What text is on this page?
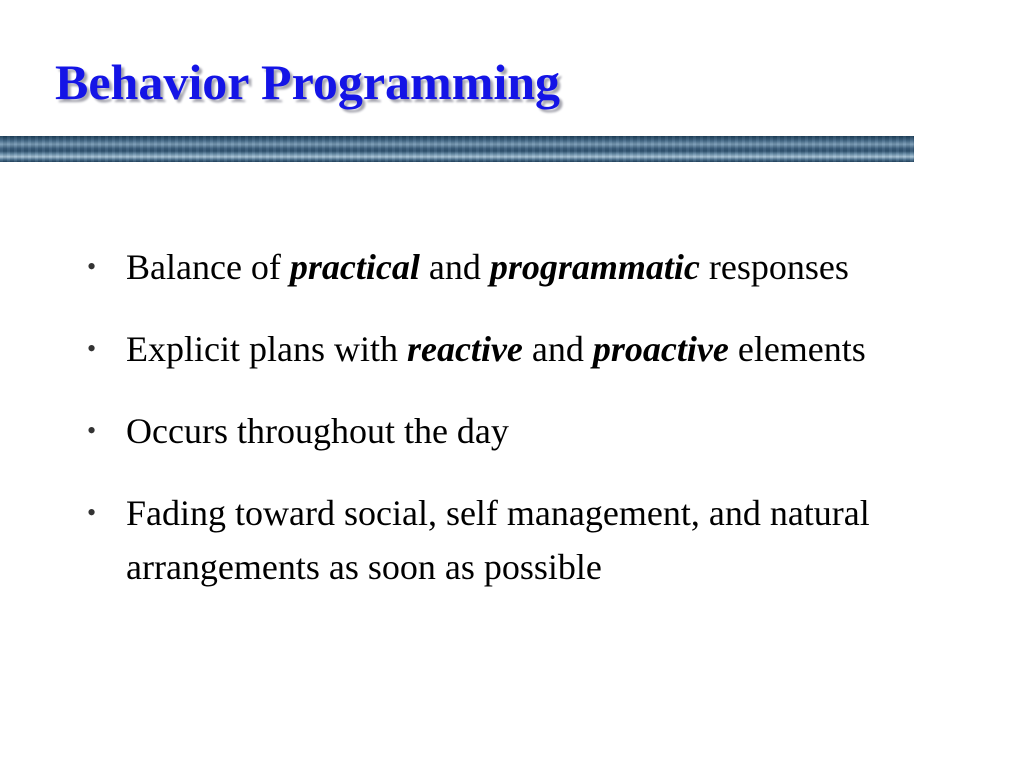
Behavior Programming
• Balance of practical and programmatic responses
• Explicit plans with reactive and proactive elements
• Occurs throughout the day
• Fading toward social, self management, and natural arrangements as soon as possible
